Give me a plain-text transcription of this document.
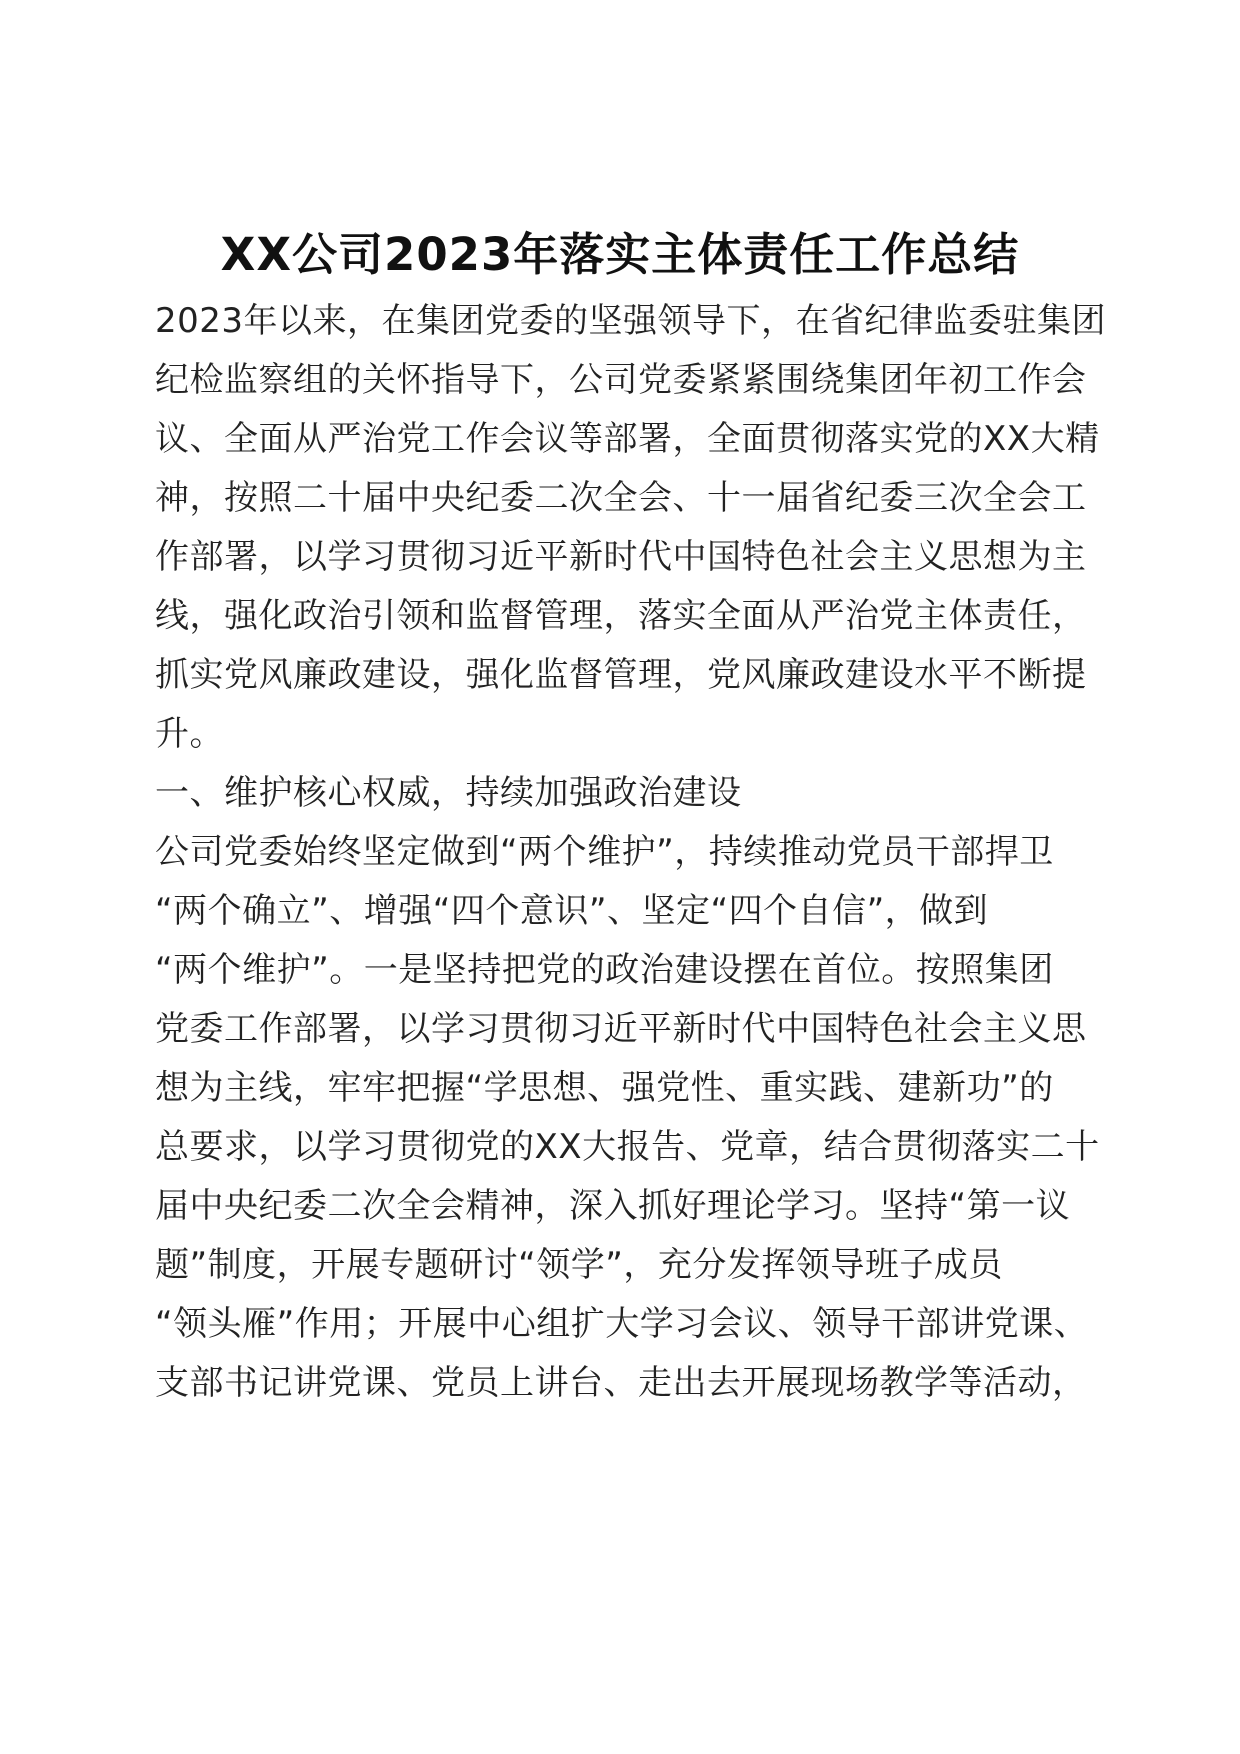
XX公司2023年落实主体责任工作总结
2023年以来，在集团党委的坚强领导下，在省纪律监委驻集团
纪检监察组的关怀指导下，公司党委紧紧围绕集团年初工作会
议、全面从严治党工作会议等部署，全面贯彻落实党的XX大精
神，按照二十届中央纪委二次全会、十一届省纪委三次全会工
作部署，以学习贯彻习近平新时代中国特色社会主义思想为主
线，强化政治引领和监督管理，落实全面从严治党主体责任，
抓实党风廉政建设，强化监督管理，党风廉政建设水平不断提
升。
一、维护核心权威，持续加强政治建设
公司党委始终坚定做到“两个维护”，持续推动党员干部捍卫
“两个确立”、增强“四个意识”、坚定“四个自信”，做到
“两个维护”。一是坚持把党的政治建设摆在首位。按照集团
党委工作部署，以学习贯彻习近平新时代中国特色社会主义思
想为主线，牢牢把握“学思想、强党性、重实践、建新功”的
总要求，以学习贯彻党的XX大报告、党章，结合贯彻落实二十
届中央纪委二次全会精神，深入抓好理论学习。坚持“第一议
题”制度，开展专题研讨“领学”，充分发挥领导班子成员
“领头雁”作用；开展中心组扩大学习会议、领导干部讲党课、
支部书记讲党课、党员上讲台、走出去开展现场教学等活动，
